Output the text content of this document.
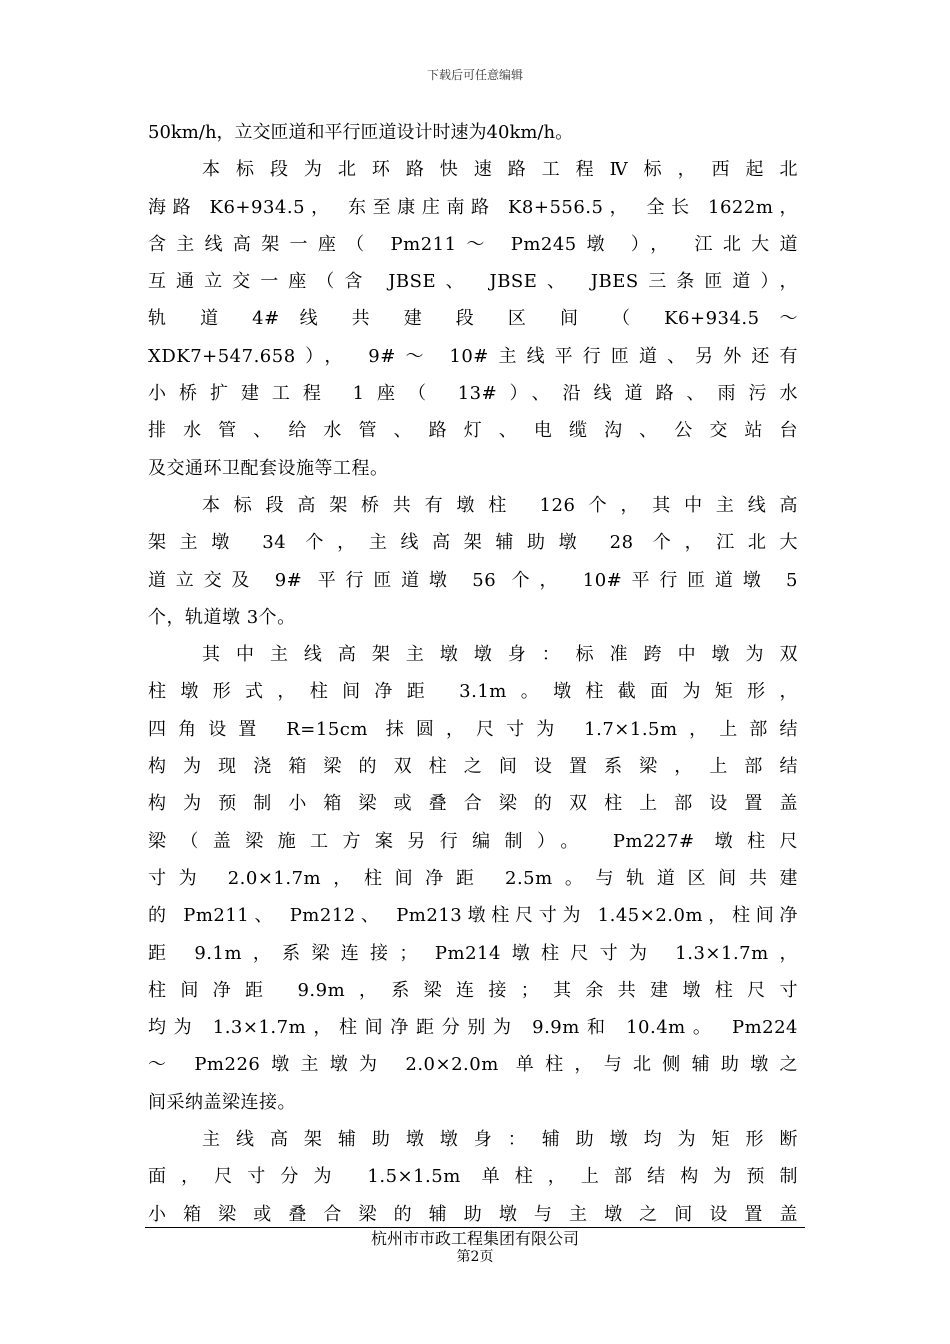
下载后可任意编辑
50km/h，立交匝道和平行匝道设计时速为40km/h。
本标段为北环路快速路工程Ⅳ标，西起北
海路 K6+934.5， 东至康庄南路 K8+556.5， 全长 1622m，
含主线高架一座（ Pm211～ Pm245墩 ）， 江北大道
互通立交一座（含 JBSE、 JBSE、 JBES三条匝道），
轨 道 4# 线 共 建 段 区 间 （ K6+934.5 ～
XDK7+547.658）， 9#～ 10#主线平行匝道、另外还有
小桥扩建工程 1座（ 13#）、沿线道路、雨污水
排水管、给水管、路灯、电缆沟、公交站台
及交通环卫配套设施等工程。
本标段高架桥共有墩柱 126个，其中主线高
架主墩 34 个，主线高架辅助墩 28 个，江北大
道立交及 9# 平行匝道墩 56 个， 10#平行匝道墩 5
个，轨道墩 3个。
其中主线高架主墩墩身：标准跨中墩为双
柱墩形式，柱间净距 3.1m。墩柱截面为矩形，
四角设置 R=15cm 抹圆，尺寸为 1.7×1.5m，上部结
构为现浇箱梁的双柱之间设置系梁，上部结
构为预制小箱梁或叠合梁的双柱上部设置盖
梁（盖梁施工方案另行编制）。 Pm227# 墩柱尺
寸为 2.0×1.7m，柱间净距 2.5m。与轨道区间共建
的 Pm211、 Pm212、 Pm213墩柱尺寸为 1.45×2.0m，柱间净
距 9.1m，系梁连接； Pm214墩柱尺寸为 1.3×1.7m，
柱间净距 9.9m，系梁连接；其余共建墩柱尺寸
均为 1.3×1.7m，柱间净距分别为 9.9m和 10.4m。 Pm224
～ Pm226墩主墩为 2.0×2.0m 单柱，与北侧辅助墩之
间采纳盖梁连接。
主线高架辅助墩墩身：辅助墩均为矩形断
面，尺寸分为 1.5×1.5m 单柱，上部结构为预制
小箱梁或叠合梁的辅助墩与主墩之间设置盖
杭州市市政工程集团有限公司
第2页
